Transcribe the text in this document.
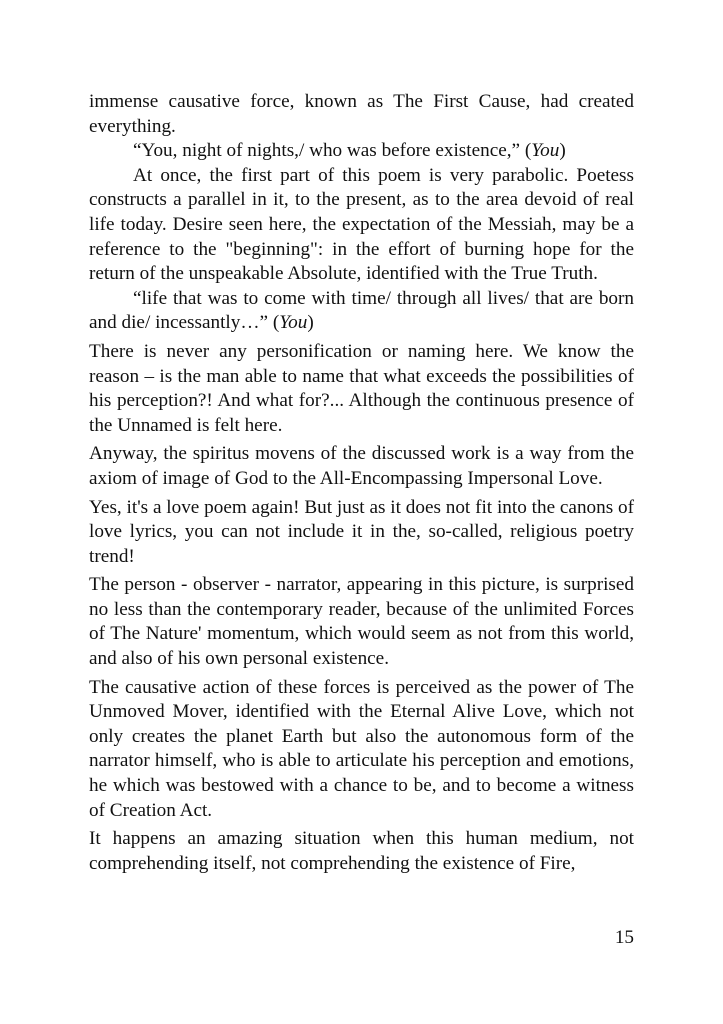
immense causative force, known as The First Cause, had created everything.

“You, night of nights,/ who was before existence,” (You)

At once, the first part of this poem is very parabolic. Poetess constructs a parallel in it, to the present, as to the area devoid of real life today. Desire seen here, the expectation of the Messiah, may be a reference to the "beginning": in the effort of burning hope for the return of the unspeakable Absolute, identified with the True Truth.

“life that was to come with time/ through all lives/ that are born and die/ incessantly…” (You)

There is never any personification or naming here. We know the reason – is the man able to name that what exceeds the possibilities of his perception?! And what for?... Although the continuous presence of the Unnamed is felt here.

Anyway, the spiritus movens of the discussed work is a way from the axiom of image of God to the All-Encompassing Impersonal Love.

Yes, it's a love poem again! But just as it does not fit into the canons of love lyrics, you can not include it in the, so-called, religious poetry trend!

The person - observer - narrator, appearing in this picture, is surprised no less than the contemporary reader, because of the unlimited Forces of The Nature' momentum, which would seem as not from this world, and also of his own personal existence.

The causative action of these forces is perceived as the power of The Unmoved Mover, identified with the Eternal Alive Love, which not only creates the planet Earth but also the autonomous form of the narrator himself, who is able to articulate his perception and emotions, he which was bestowed with a chance to be, and to become a witness of Creation Act.

It happens an amazing situation when this human medium, not comprehending itself, not comprehending the existence of Fire,

15
